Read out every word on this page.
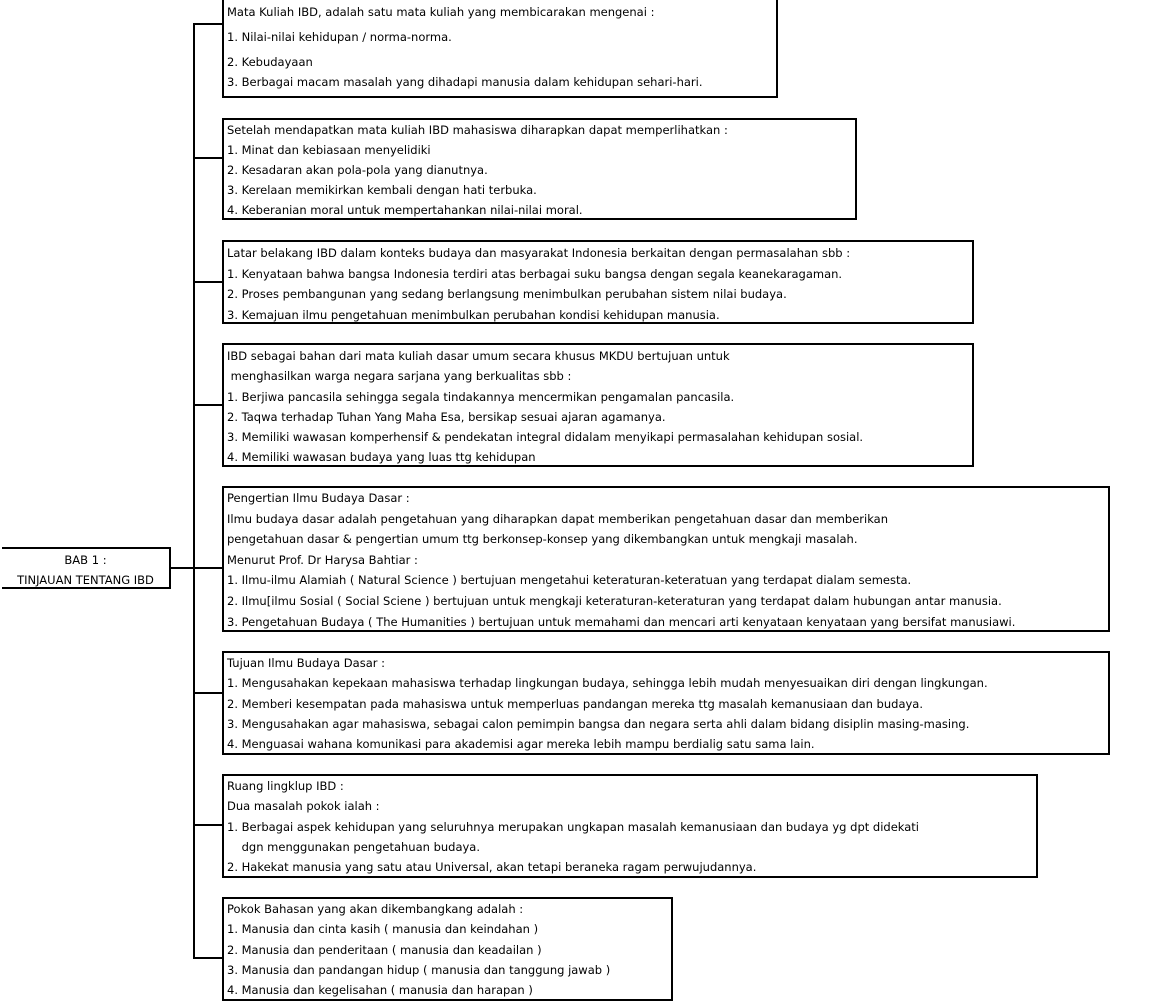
BAB 1 :
TINJAUAN TENTANG IBD
Mata Kuliah IBD, adalah satu mata kuliah yang membicarakan mengenai :
1. Nilai-nilai kehidupan / norma-norma.
2. Kebudayaan
3. Berbagai macam masalah yang dihadapi manusia dalam kehidupan sehari-hari.
Setelah mendapatkan mata kuliah IBD mahasiswa diharapkan dapat memperlihatkan :
1. Minat dan kebiasaan menyelidiki
2. Kesadaran akan pola-pola yang dianutnya.
3. Kerelaan memikirkan kembali dengan hati terbuka.
4. Keberanian moral untuk mempertahankan nilai-nilai moral.
Latar belakang IBD dalam konteks budaya dan masyarakat Indonesia berkaitan dengan permasalahan sbb :
1. Kenyataan bahwa bangsa Indonesia terdiri atas berbagai suku bangsa dengan segala keanekaragaman.
2. Proses pembangunan yang sedang berlangsung menimbulkan perubahan sistem nilai budaya.
3. Kemajuan ilmu pengetahuan menimbulkan perubahan kondisi kehidupan manusia.
IBD sebagai bahan dari mata kuliah dasar umum secara khusus MKDU bertujuan untuk
menghasilkan warga negara sarjana yang berkualitas sbb :
1. Berjiwa pancasila sehingga segala tindakannya mencermikan pengamalan pancasila.
2. Taqwa terhadap Tuhan Yang Maha Esa, bersikap sesuai ajaran agamanya.
3. Memiliki wawasan komperhensif & pendekatan integral didalam menyikapi permasalahan kehidupan sosial.
4. Memiliki wawasan budaya yang luas ttg kehidupan
Pengertian Ilmu Budaya Dasar :
Ilmu budaya dasar adalah pengetahuan yang diharapkan dapat memberikan pengetahuan dasar dan memberikan
pengetahuan dasar & pengertian umum ttg berkonsep-konsep yang dikembangkan untuk mengkaji masalah.
Menurut Prof. Dr Harysa Bahtiar :
1. Ilmu-ilmu Alamiah ( Natural Science ) bertujuan mengetahui keteraturan-keteratuan yang terdapat dialam semesta.
2. Ilmu[ilmu Sosial ( Social Sciene ) bertujuan untuk mengkaji keteraturan-keteraturan yang terdapat dalam hubungan antar manusia.
3. Pengetahuan Budaya ( The Humanities ) bertujuan untuk memahami dan mencari arti kenyataan kenyataan yang bersifat manusiawi.
Tujuan Ilmu Budaya Dasar :
1. Mengusahakan kepekaan mahasiswa terhadap lingkungan budaya, sehingga lebih mudah menyesuaikan diri dengan lingkungan.
2. Memberi kesempatan pada mahasiswa untuk memperluas pandangan mereka ttg masalah kemanusiaan dan budaya.
3. Mengusahakan agar mahasiswa, sebagai calon pemimpin bangsa dan negara serta ahli dalam bidang disiplin masing-masing.
4. Menguasai wahana komunikasi para akademisi agar mereka lebih mampu berdialig satu sama lain.
Ruang lingklup IBD :
Dua masalah pokok ialah :
1. Berbagai aspek kehidupan yang seluruhnya merupakan ungkapan masalah kemanusiaan dan budaya yg dpt didekati
dgn menggunakan pengetahuan budaya.
2. Hakekat manusia yang satu atau Universal, akan tetapi beraneka ragam perwujudannya.
Pokok Bahasan yang akan dikembangkang adalah :
1. Manusia dan cinta kasih ( manusia dan keindahan )
2. Manusia dan penderitaan ( manusia dan keadailan )
3. Manusia dan pandangan hidup ( manusia dan tanggung jawab )
4. Manusia dan kegelisahan ( manusia dan harapan )
